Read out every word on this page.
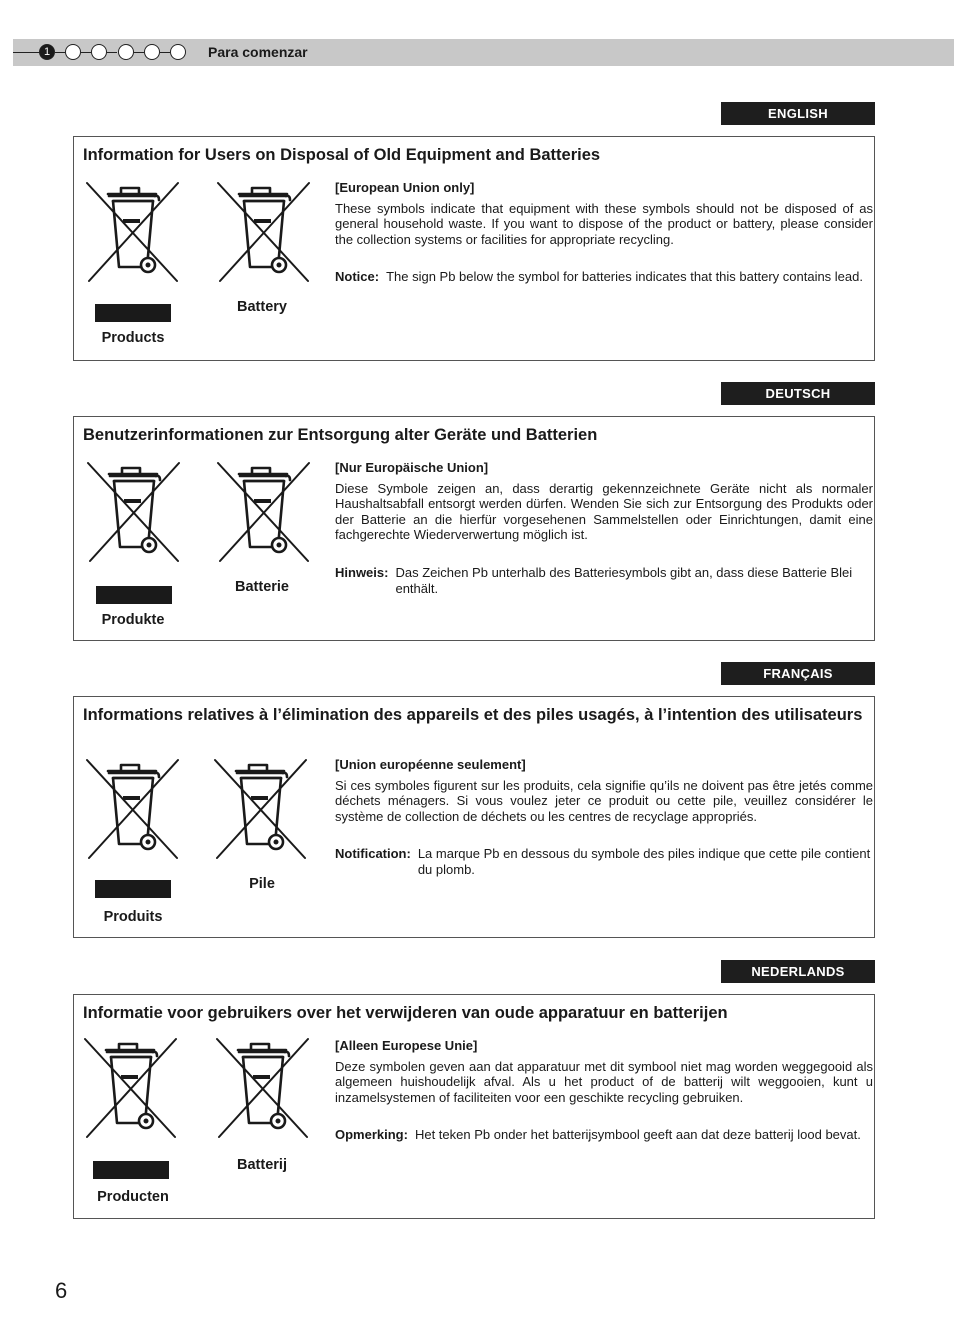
1	Para comenzar
ENGLISH
Information for Users on Disposal of Old Equipment and Batteries
Products
Battery
[European Union only]
These symbols indicate that equipment with these symbols should not be disposed of as general household waste. If you want to dispose of the product or battery, please consider the collection systems or facilities for appropriate recycling.
Notice: The sign Pb below the symbol for batteries indicates that this battery contains lead.
DEUTSCH
Benutzerinformationen zur Entsorgung alter Geräte und Batterien
Produkte
Batterie
[Nur Europäische Union]
Diese Symbole zeigen an, dass derartig gekennzeichnete Geräte nicht als normaler Haushaltsabfall entsorgt werden dürfen. Wenden Sie sich zur Entsorgung des Produkts oder der Batterie an die hierfür vorgesehenen Sammelstellen oder Einrichtungen, damit eine fachgerechte Wiederverwertung möglich ist.
Hinweis: Das Zeichen Pb unterhalb des Batteriesymbols gibt an, dass diese Batterie Blei enthält.
FRANÇAIS
Informations relatives à l’élimination des appareils et des piles usagés, à l’intention des utilisateurs
Produits
Pile
[Union européenne seulement]
Si ces symboles figurent sur les produits, cela signifie qu’ils ne doivent pas être jetés comme déchets ménagers. Si vous voulez jeter ce produit ou cette pile, veuillez considérer le système de collection de déchets ou les centres de recyclage appropriés.
Notification: La marque Pb en dessous du symbole des piles indique que cette pile contient du plomb.
NEDERLANDS
Informatie voor gebruikers over het verwijderen van oude apparatuur en batterijen
Producten
Batterij
[Alleen Europese Unie]
Deze symbolen geven aan dat apparatuur met dit symbool niet mag worden weggegooid als algemeen huishoudelijk afval. Als u het product of de batterij wilt weggooien, kunt u inzamelsystemen of faciliteiten voor een geschikte recycling gebruiken.
Opmerking: Het teken Pb onder het batterijsymbool geeft aan dat deze batterij lood bevat.
6
